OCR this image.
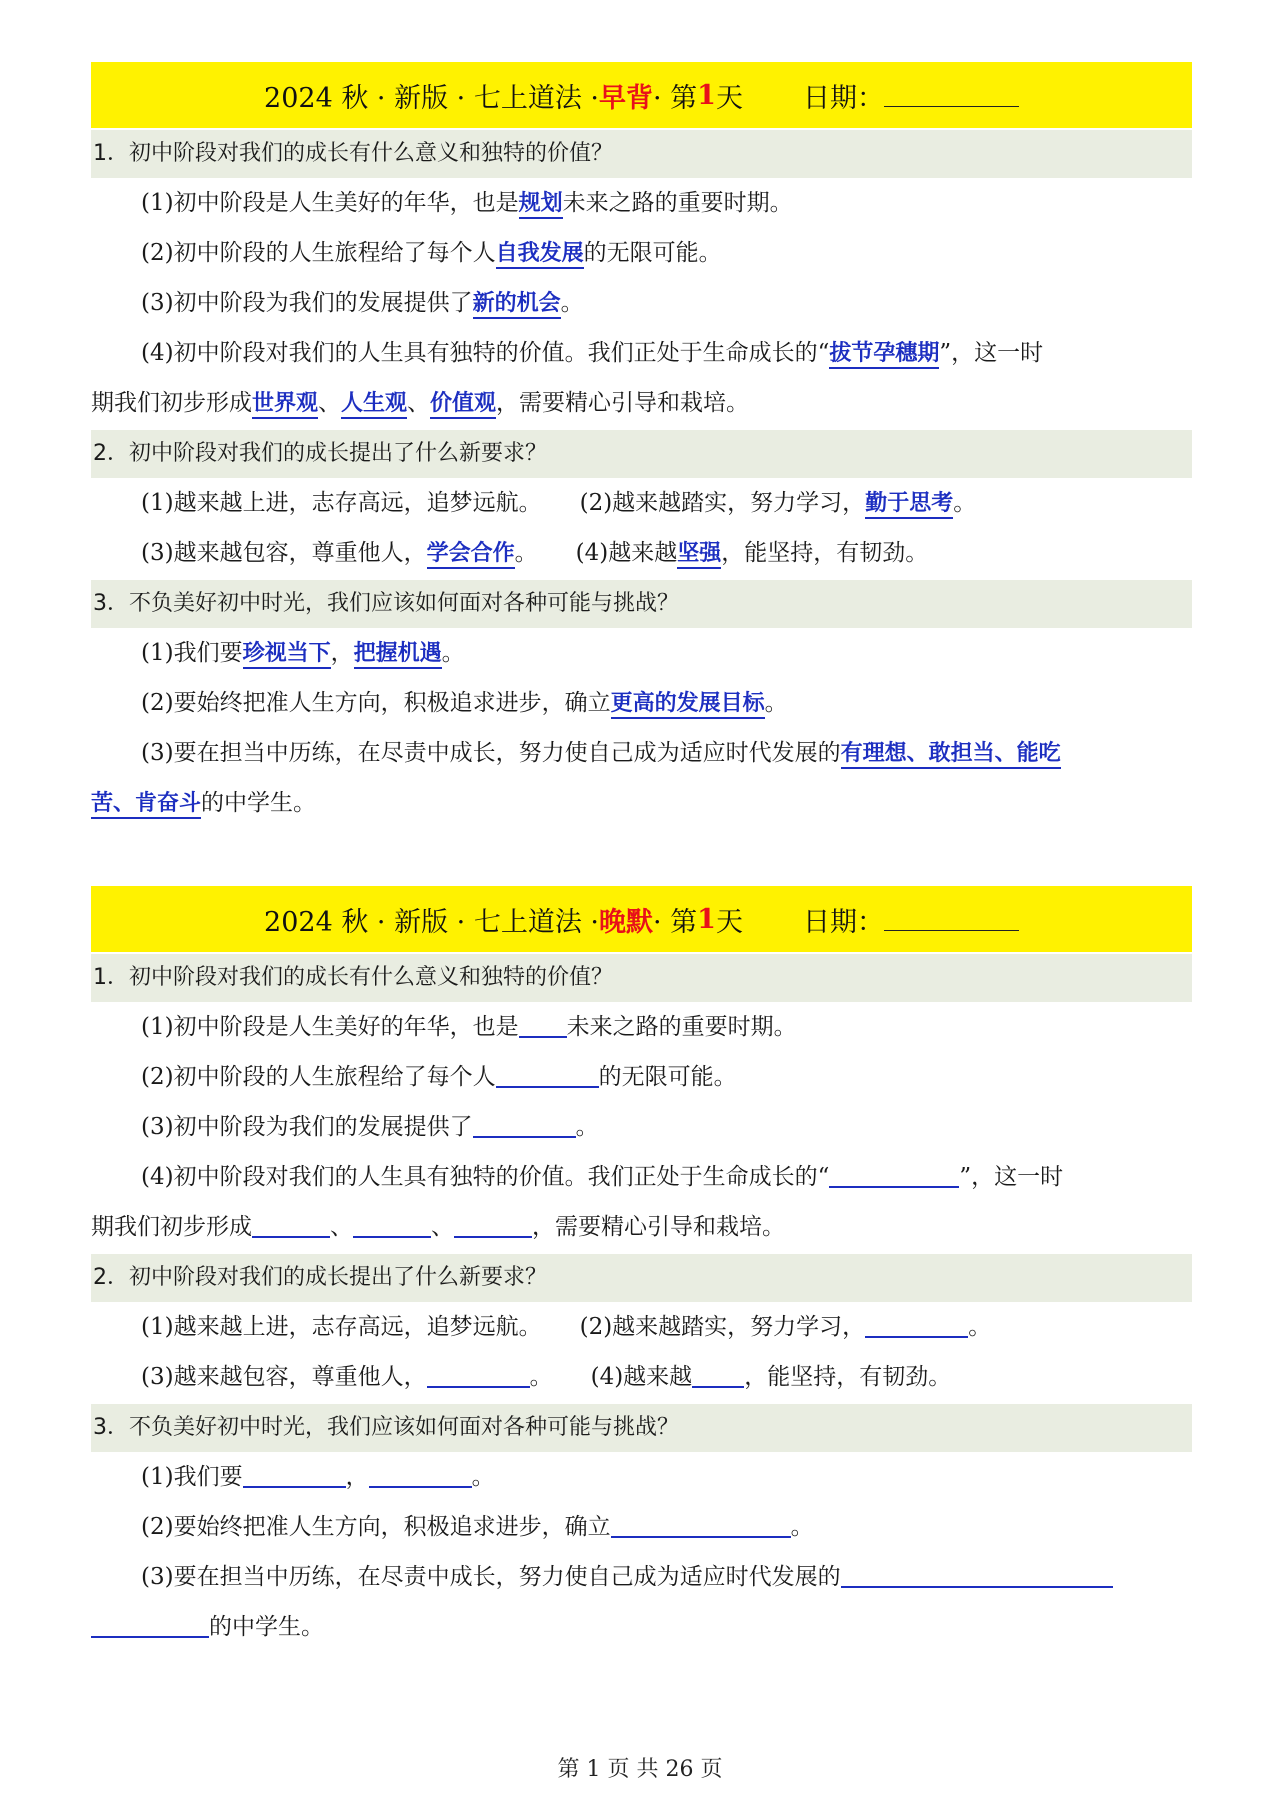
2024 秋 · 新版 · 七上道法 · 早背 · 第 1 天 日期：
1．初中阶段对我们的成长有什么意义和独特的价值？
(1)初中阶段是人生美好的年华，也是规划未来之路的重要时期。
(2)初中阶段的人生旅程给了每个人自我发展的无限可能。
(3)初中阶段为我们的发展提供了新的机会。
(4)初中阶段对我们的人生具有独特的价值。我们正处于生命成长的“拔节孕穗期”，这一时
期我们初步形成世界观、人生观、价值观，需要精心引导和栽培。
2．初中阶段对我们的成长提出了什么新要求？
(1)越来越上进，志存高远，追梦远航。 (2)越来越踏实，努力学习，勤于思考。
(3)越来越包容，尊重他人，学会合作。 (4)越来越坚强，能坚持，有韧劲。
3．不负美好初中时光，我们应该如何面对各种可能与挑战？
(1)我们要珍视当下，把握机遇。
(2)要始终把准人生方向，积极追求进步，确立更高的发展目标。
(3)要在担当中历练，在尽责中成长，努力使自己成为适应时代发展的有理想、敢担当、能吃
苦、肯奋斗的中学生。
2024 秋 · 新版 · 七上道法 · 晚默 · 第 1 天 日期：
1．初中阶段对我们的成长有什么意义和独特的价值？
(1)初中阶段是人生美好的年华，也是 未来之路的重要时期。
(2)初中阶段的人生旅程给了每个人	的无限可能。
(3)初中阶段为我们的发展提供了	。
(4)初中阶段对我们的人生具有独特的价值。我们正处于生命成长的“	”，这一时
期我们初步形成	、	、	，需要精心引导和栽培。
2．初中阶段对我们的成长提出了什么新要求？
(1)越来越上进，志存高远，追梦远航。 (2)越来越踏实，努力学习，	。
(3)越来越包容，尊重他人，	。 (4)越来越 ，能坚持，有韧劲。
3．不负美好初中时光，我们应该如何面对各种可能与挑战？
(1)我们要	，	。
(2)要始终把准人生方向，积极追求进步，确立	。
(3)要在担当中历练，在尽责中成长，努力使自己成为适应时代发展的
的中学生。
第 1 页 共 26 页
